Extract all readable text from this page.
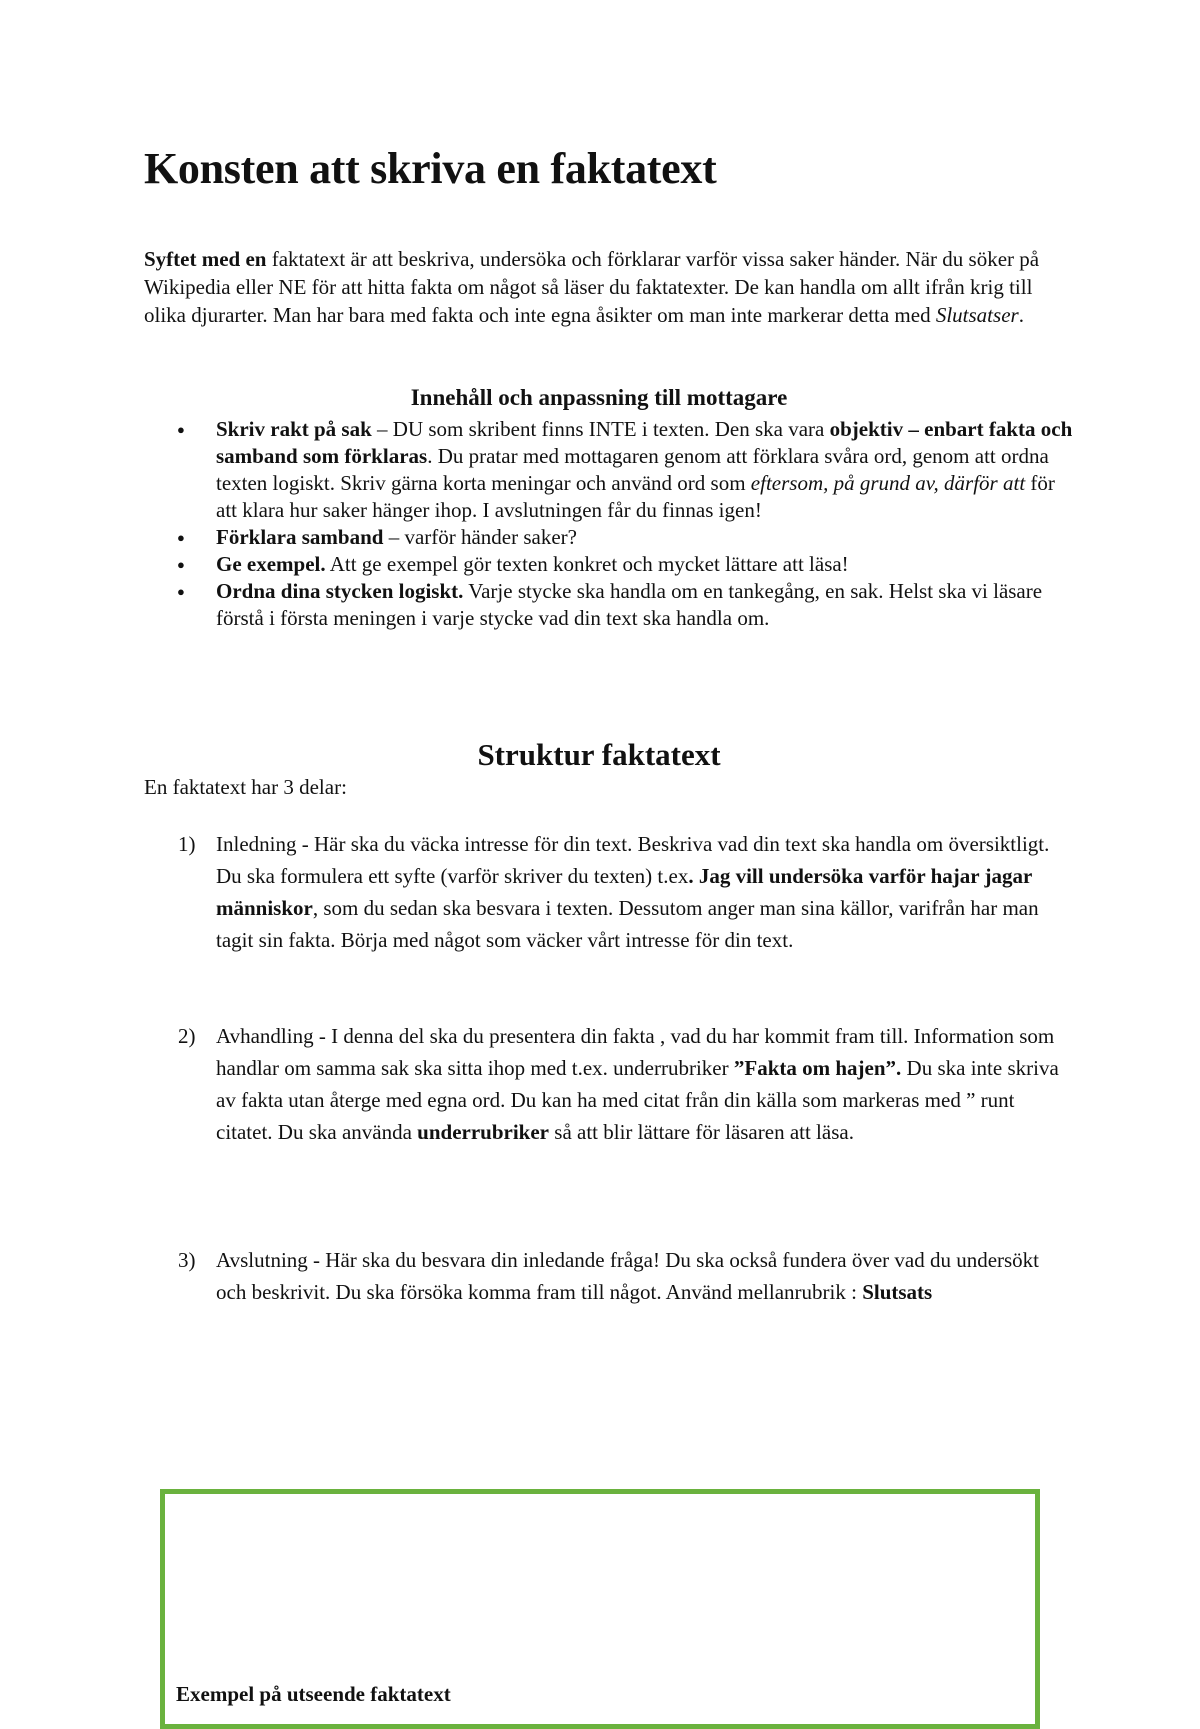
Konsten att skriva en faktatext

Syftet med en faktatext är att beskriva, undersöka och förklarar varför vissa saker händer. När du söker på Wikipedia eller NE för att hitta fakta om något så läser du faktatexter. De kan handla om allt ifrån krig till olika djurarter. Man har bara med fakta och inte egna åsikter om man inte markerar detta med Slutsatser.

Innehåll och anpassning till mottagare

● Skriv rakt på sak – DU som skribent finns INTE i texten. Den ska vara objektiv – enbart fakta och samband som förklaras. Du pratar med mottagaren genom att förklara svåra ord, genom att ordna texten logiskt. Skriv gärna korta meningar och använd ord som eftersom, på grund av, därför att för att klara hur saker hänger ihop. I avslutningen får du finnas igen!
● Förklara samband – varför händer saker?
● Ge exempel. Att ge exempel gör texten konkret och mycket lättare att läsa!
● Ordna dina stycken logiskt. Varje stycke ska handla om en tankegång, en sak. Helst ska vi läsare förstå i första meningen i varje stycke vad din text ska handla om.
Struktur faktatext

En faktatext har 3 delar:

1) Inledning - Här ska du väcka intresse för din text. Beskriva vad din text ska handla om översiktligt. Du ska formulera ett syfte (varför skriver du texten) t.ex. Jag vill undersöka varför hajar jagar människor, som du sedan ska besvara i texten. Dessutom anger man sina källor, varifrån har man tagit sin fakta. Börja med något som väcker vårt intresse för din text.
2) Avhandling - I denna del ska du presentera din fakta , vad du har kommit fram till. Information som handlar om samma sak ska sitta ihop med t.ex. underrubriker ”Fakta om hajen”. Du ska inte skriva av fakta utan återge med egna ord. Du kan ha med citat från din källa som markeras med ” runt citatet. Du ska använda underrubriker så att blir lättare för läsaren att läsa.
3) Avslutning - Här ska du besvara din inledande fråga! Du ska också fundera över vad du undersökt och beskrivit. Du ska försöka komma fram till något. Använd mellanrubrik : Slutsats
Exempel på utseende faktatext
